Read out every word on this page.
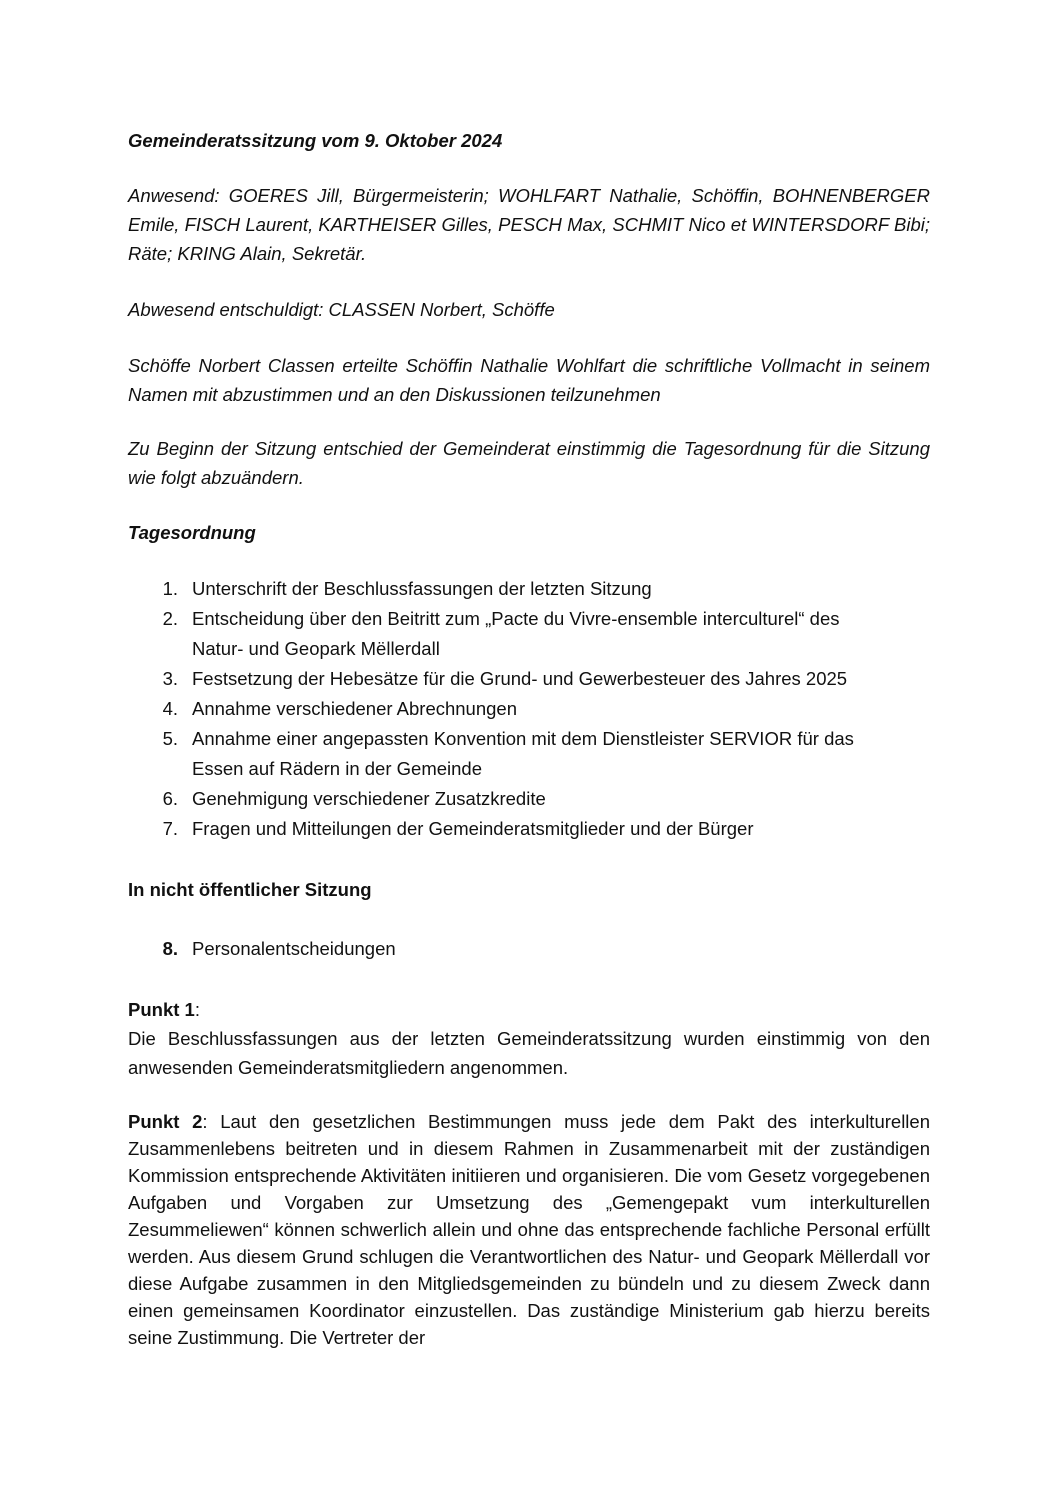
Gemeinderatssitzung vom 9. Oktober 2024

Anwesend: GOERES Jill, Bürgermeisterin; WOHLFART Nathalie, Schöffin, BOHNENBERGER Emile, FISCH Laurent, KARTHEISER Gilles, PESCH Max, SCHMIT Nico et WINTERSDORF Bibi; Räte; KRING Alain, Sekretär.

Abwesend entschuldigt: CLASSEN Norbert, Schöffe

Schöffe Norbert Classen erteilte Schöffin Nathalie Wohlfart die schriftliche Vollmacht in seinem Namen mit abzustimmen und an den Diskussionen teilzunehmen

Zu Beginn der Sitzung entschied der Gemeinderat einstimmig die Tagesordnung für die Sitzung wie folgt abzuändern.

Tagesordnung

1. Unterschrift der Beschlussfassungen der letzten Sitzung
2. Entscheidung über den Beitritt zum „Pacte du Vivre-ensemble interculturel“ des Natur- und Geopark Mëllerdall
3. Festsetzung der Hebesätze für die Grund- und Gewerbesteuer des Jahres 2025
4. Annahme verschiedener Abrechnungen
5. Annahme einer angepassten Konvention mit dem Dienstleister SERVIOR für das Essen auf Rädern in der Gemeinde
6. Genehmigung verschiedener Zusatzkredite
7. Fragen und Mitteilungen der Gemeinderatsmitglieder und der Bürger

In nicht öffentlicher Sitzung

8. Personalentscheidungen

Punkt 1:

Die Beschlussfassungen aus der letzten Gemeinderatssitzung wurden einstimmig von den anwesenden Gemeinderatsmitgliedern angenommen.

Punkt 2: Laut den gesetzlichen Bestimmungen muss jede dem Pakt des interkulturellen Zusammenlebens beitreten und in diesem Rahmen in Zusammenarbeit mit der zuständigen Kommission entsprechende Aktivitäten initiieren und organisieren. Die vom Gesetz vorgegebenen Aufgaben und Vorgaben zur Umsetzung des „Gemengepakt vum interkulturellen Zesummeliewen“ können schwerlich allein und ohne das entsprechende fachliche Personal erfüllt werden. Aus diesem Grund schlugen die Verantwortlichen des Natur- und Geopark Mëllerdall vor diese Aufgabe zusammen in den Mitgliedsgemeinden zu bündeln und zu diesem Zweck dann einen gemeinsamen Koordinator einzustellen. Das zuständige Ministerium gab hierzu bereits seine Zustimmung. Die Vertreter der
